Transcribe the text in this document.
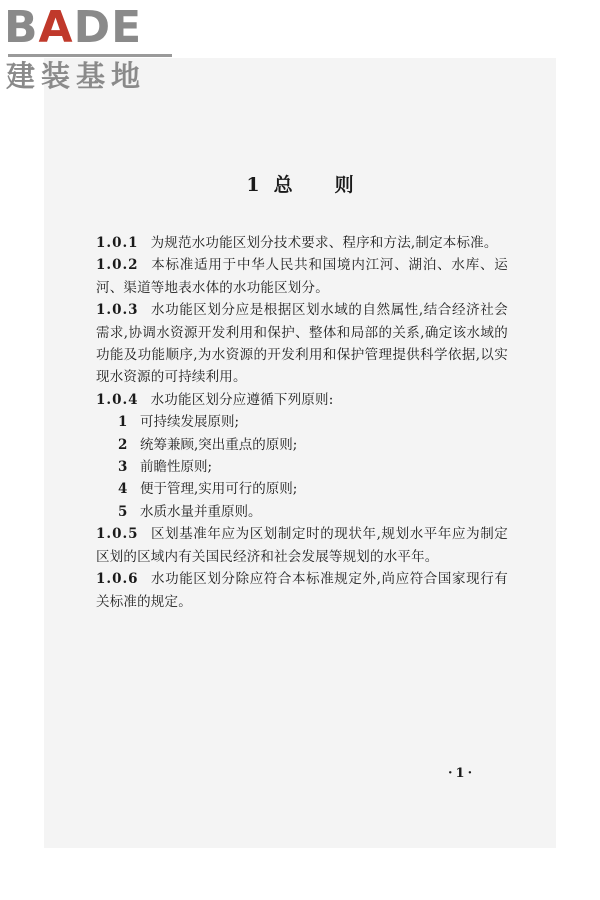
BADE
建装基地
1 总 则

1.0.1 为规范水功能区划分技术要求、程序和方法,制定本标准。

1.0.2 本标准适用于中华人民共和国境内江河、湖泊、水库、运河、渠道等地表水体的水功能区划分。

1.0.3 水功能区划分应是根据区划水域的自然属性,结合经济社会需求,协调水资源开发利用和保护、整体和局部的关系,确定该水域的功能及功能顺序,为水资源的开发利用和保护管理提供科学依据,以实现水资源的可持续利用。

1.0.4 水功能区划分应遵循下列原则:

1 可持续发展原则;

2 统筹兼顾,突出重点的原则;

3 前瞻性原则;

4 便于管理,实用可行的原则;

5 水质水量并重原则。

1.0.5 区划基准年应为区划制定时的现状年,规划水平年应为制定区划的区域内有关国民经济和社会发展等规划的水平年。

1.0.6 水功能区划分除应符合本标准规定外,尚应符合国家现行有关标准的规定。

·1·
